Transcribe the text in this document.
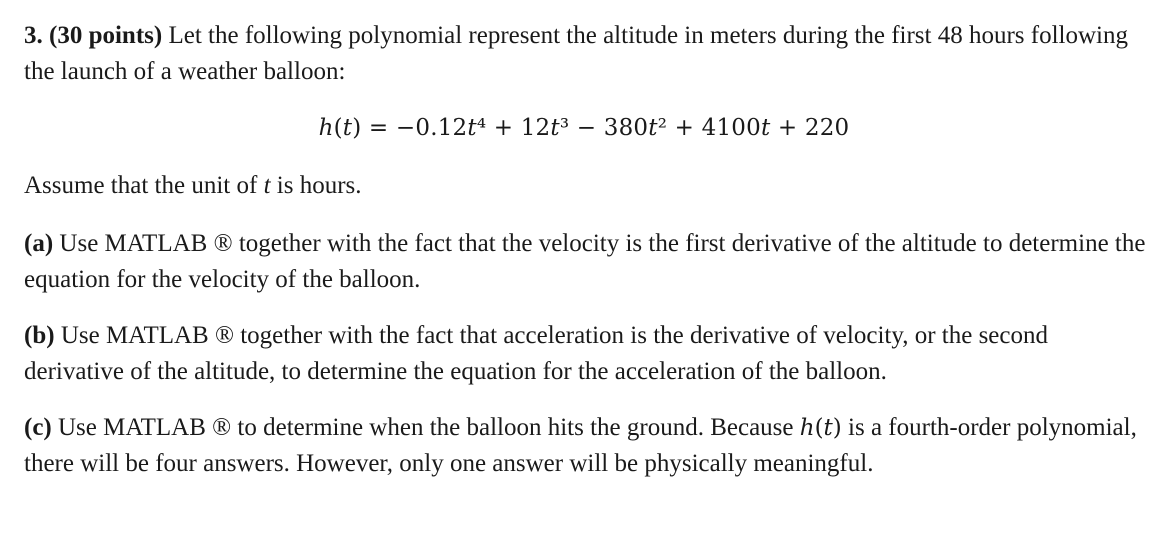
3. (30 points) Let the following polynomial represent the altitude in meters during the first 48 hours following the launch of a weather balloon:

ℎ(𝑡) = −0.12𝑡⁴ + 12𝑡³ − 380𝑡² + 4100𝑡 + 220

Assume that the unit of t is hours.

(a) Use MATLAB ® together with the fact that the velocity is the first derivative of the altitude to determine the equation for the velocity of the balloon.

(b) Use MATLAB ® together with the fact that acceleration is the derivative of velocity, or the second derivative of the altitude, to determine the equation for the acceleration of the balloon.

(c) Use MATLAB ® to determine when the balloon hits the ground. Because ℎ(𝑡) is a fourth-order polynomial, there will be four answers. However, only one answer will be physically meaningful.
